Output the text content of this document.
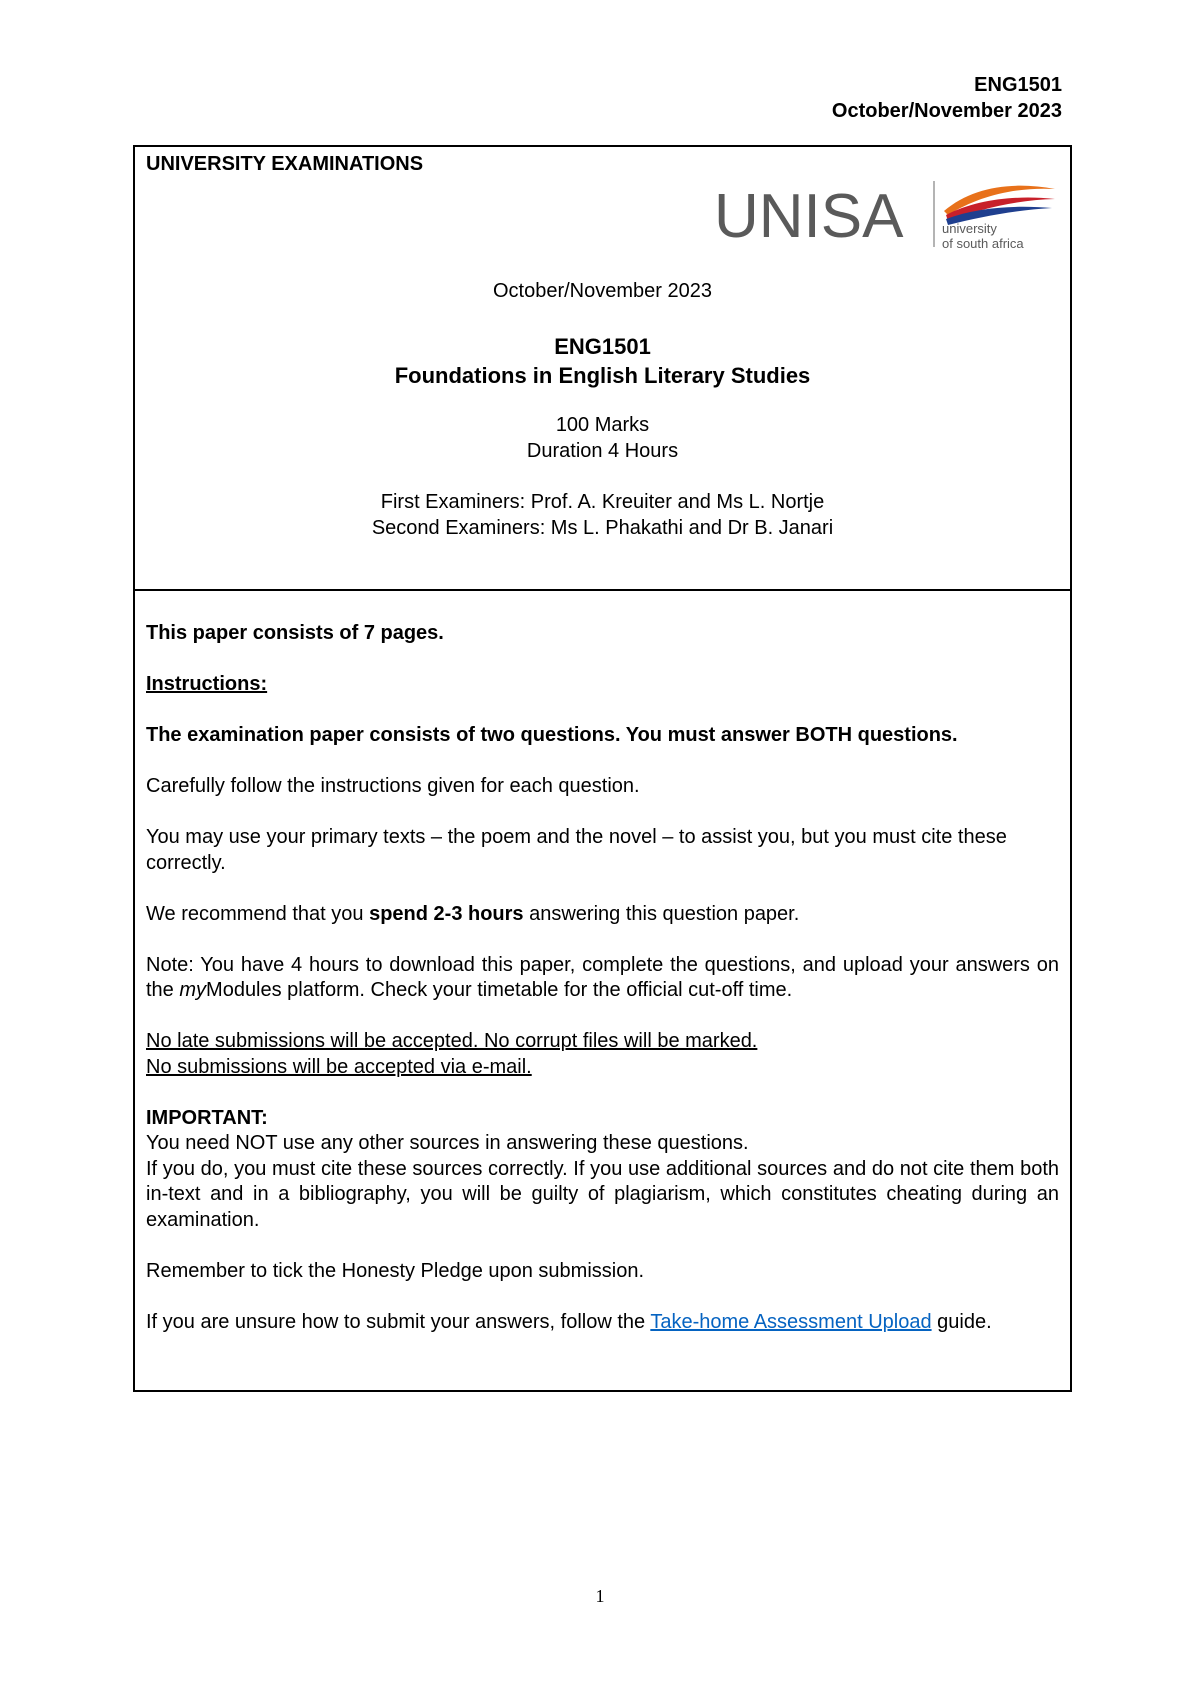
ENG1501
October/November 2023
UNIVERSITY EXAMINATIONS
UNISA	university
of south africa
October/November 2023
ENG1501
Foundations in English Literary Studies
100 Marks
Duration 4 Hours
First Examiners: Prof. A. Kreuiter and Ms L. Nortje
Second Examiners: Ms L. Phakathi and Dr B. Janari

This paper consists of 7 pages.

Instructions:

The examination paper consists of two questions. You must answer BOTH questions.

Carefully follow the instructions given for each question.

You may use your primary texts – the poem and the novel – to assist you, but you must cite these correctly.

We recommend that you spend 2-3 hours answering this question paper.

Note: You have 4 hours to download this paper, complete the questions, and upload your answers on the myModules platform. Check your timetable for the official cut-off time.

No late submissions will be accepted. No corrupt files will be marked.
No submissions will be accepted via e-mail.

IMPORTANT:
You need NOT use any other sources in answering these questions.
If you do, you must cite these sources correctly. If you use additional sources and do not cite them both in-text and in a bibliography, you will be guilty of plagiarism, which constitutes cheating during an examination.

Remember to tick the Honesty Pledge upon submission.

If you are unsure how to submit your answers, follow the Take-home Assessment Upload guide.

1
